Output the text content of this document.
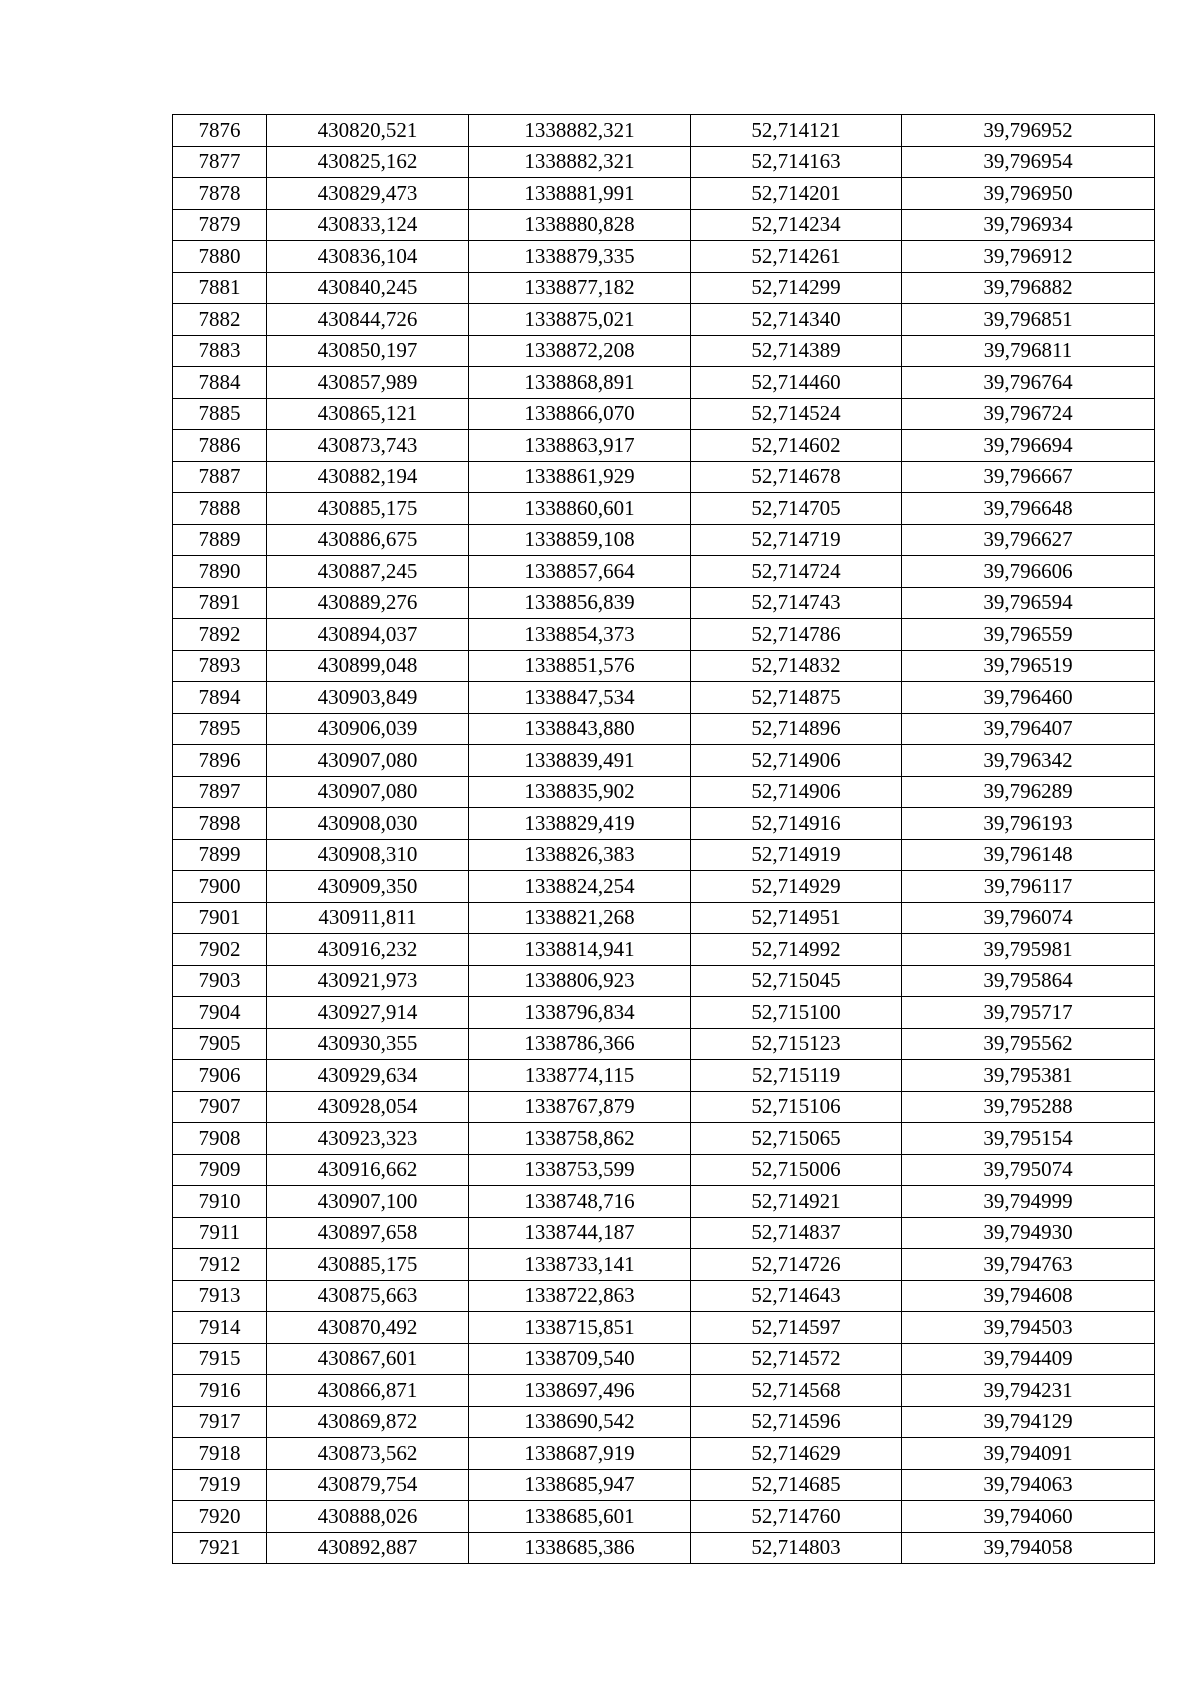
7876	430820,521	1338882,321	52,714121	39,796952
7877	430825,162	1338882,321	52,714163	39,796954
7878	430829,473	1338881,991	52,714201	39,796950
7879	430833,124	1338880,828	52,714234	39,796934
7880	430836,104	1338879,335	52,714261	39,796912
7881	430840,245	1338877,182	52,714299	39,796882
7882	430844,726	1338875,021	52,714340	39,796851
7883	430850,197	1338872,208	52,714389	39,796811
7884	430857,989	1338868,891	52,714460	39,796764
7885	430865,121	1338866,070	52,714524	39,796724
7886	430873,743	1338863,917	52,714602	39,796694
7887	430882,194	1338861,929	52,714678	39,796667
7888	430885,175	1338860,601	52,714705	39,796648
7889	430886,675	1338859,108	52,714719	39,796627
7890	430887,245	1338857,664	52,714724	39,796606
7891	430889,276	1338856,839	52,714743	39,796594
7892	430894,037	1338854,373	52,714786	39,796559
7893	430899,048	1338851,576	52,714832	39,796519
7894	430903,849	1338847,534	52,714875	39,796460
7895	430906,039	1338843,880	52,714896	39,796407
7896	430907,080	1338839,491	52,714906	39,796342
7897	430907,080	1338835,902	52,714906	39,796289
7898	430908,030	1338829,419	52,714916	39,796193
7899	430908,310	1338826,383	52,714919	39,796148
7900	430909,350	1338824,254	52,714929	39,796117
7901	430911,811	1338821,268	52,714951	39,796074
7902	430916,232	1338814,941	52,714992	39,795981
7903	430921,973	1338806,923	52,715045	39,795864
7904	430927,914	1338796,834	52,715100	39,795717
7905	430930,355	1338786,366	52,715123	39,795562
7906	430929,634	1338774,115	52,715119	39,795381
7907	430928,054	1338767,879	52,715106	39,795288
7908	430923,323	1338758,862	52,715065	39,795154
7909	430916,662	1338753,599	52,715006	39,795074
7910	430907,100	1338748,716	52,714921	39,794999
7911	430897,658	1338744,187	52,714837	39,794930
7912	430885,175	1338733,141	52,714726	39,794763
7913	430875,663	1338722,863	52,714643	39,794608
7914	430870,492	1338715,851	52,714597	39,794503
7915	430867,601	1338709,540	52,714572	39,794409
7916	430866,871	1338697,496	52,714568	39,794231
7917	430869,872	1338690,542	52,714596	39,794129
7918	430873,562	1338687,919	52,714629	39,794091
7919	430879,754	1338685,947	52,714685	39,794063
7920	430888,026	1338685,601	52,714760	39,794060
7921	430892,887	1338685,386	52,714803	39,794058
